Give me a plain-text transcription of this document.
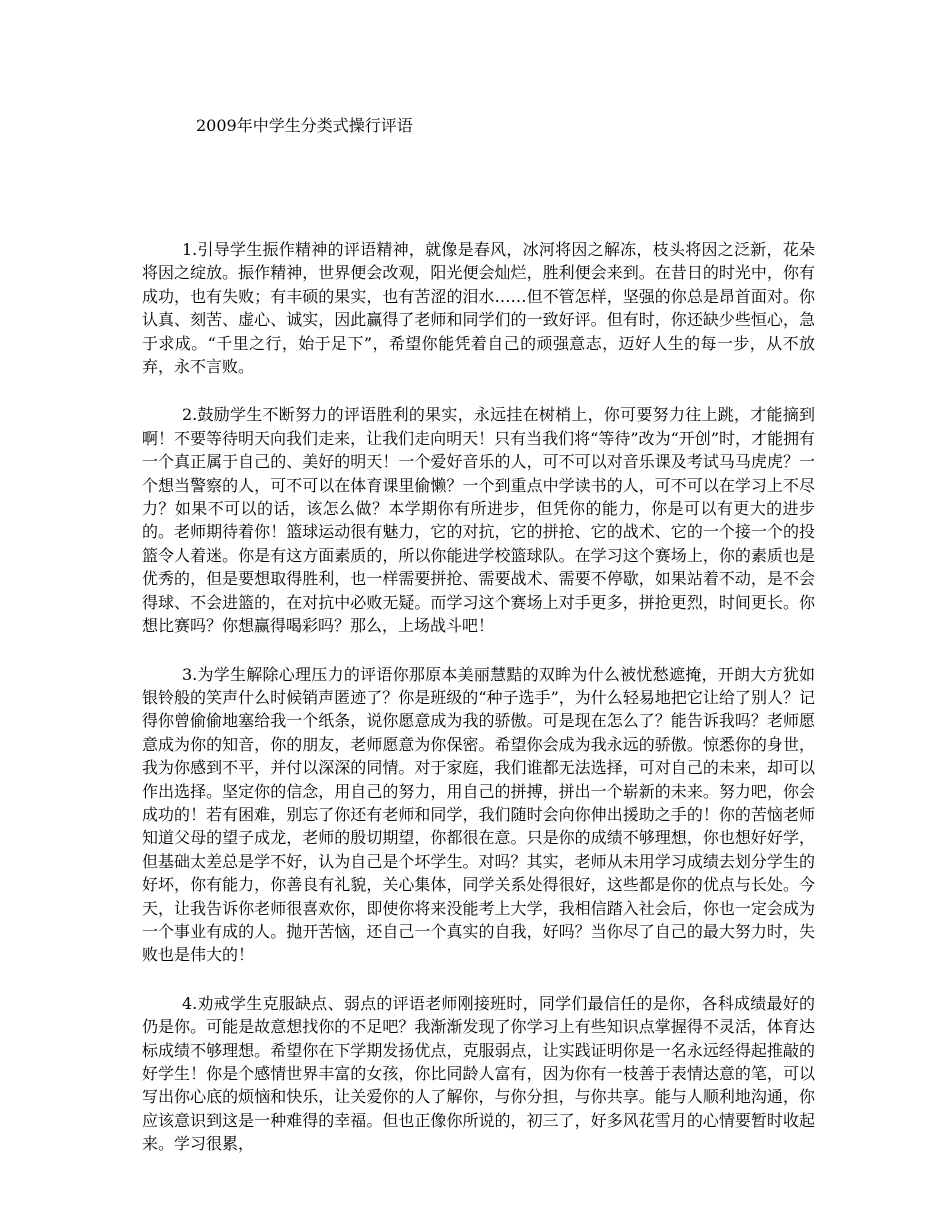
2009年中学生分类式操行评语

1.引导学生振作精神的评语精神，就像是春风，冰河将因之解冻，枝头将因之泛新，花朵将因之绽放。振作精神，世界便会改观，阳光便会灿烂，胜利便会来到。在昔日的时光中，你有成功，也有失败；有丰硕的果实，也有苦涩的泪水……但不管怎样，坚强的你总是昂首面对。你认真、刻苦、虚心、诚实，因此赢得了老师和同学们的一致好评。但有时，你还缺少些恒心，急于求成。“千里之行，始于足下”，希望你能凭着自己的顽强意志，迈好人生的每一步，从不放弃，永不言败。

2.鼓励学生不断努力的评语胜利的果实，永远挂在树梢上，你可要努力往上跳，才能摘到啊！不要等待明天向我们走来，让我们走向明天！只有当我们将“等待”改为“开创”时，才能拥有一个真正属于自己的、美好的明天！一个爱好音乐的人，可不可以对音乐课及考试马马虎虎？一个想当警察的人，可不可以在体育课里偷懒？一个到重点中学读书的人，可不可以在学习上不尽力？如果不可以的话，该怎么做？本学期你有所进步，但凭你的能力，你是可以有更大的进步的。老师期待着你！篮球运动很有魅力，它的对抗，它的拼抢、它的战术、它的一个接一个的投篮令人着迷。你是有这方面素质的，所以你能进学校篮球队。在学习这个赛场上，你的素质也是优秀的，但是要想取得胜利，也一样需要拼抢、需要战术、需要不停歇，如果站着不动，是不会得球、不会进篮的，在对抗中必败无疑。而学习这个赛场上对手更多，拼抢更烈，时间更长。你想比赛吗？你想赢得喝彩吗？那么，上场战斗吧！

3.为学生解除心理压力的评语你那原本美丽慧黠的双眸为什么被忧愁遮掩，开朗大方犹如银铃般的笑声什么时候销声匿迹了？你是班级的“种子选手”，为什么轻易地把它让给了别人？记得你曾偷偷地塞给我一个纸条，说你愿意成为我的骄傲。可是现在怎么了？能告诉我吗？老师愿意成为你的知音，你的朋友，老师愿意为你保密。希望你会成为我永远的骄傲。惊悉你的身世，我为你感到不平，并付以深深的同情。对于家庭，我们谁都无法选择，可对自己的未来，却可以作出选择。坚定你的信念，用自己的努力，用自己的拼搏，拼出一个崭新的未来。努力吧，你会成功的！若有困难，别忘了你还有老师和同学，我们随时会向你伸出援助之手的！你的苦恼老师知道父母的望子成龙，老师的殷切期望，你都很在意。只是你的成绩不够理想，你也想好好学，但基础太差总是学不好，认为自己是个坏学生。对吗？其实，老师从未用学习成绩去划分学生的好坏，你有能力，你善良有礼貌，关心集体，同学关系处得很好，这些都是你的优点与长处。今天，让我告诉你老师很喜欢你，即使你将来没能考上大学，我相信踏入社会后，你也一定会成为一个事业有成的人。抛开苦恼，还自己一个真实的自我，好吗？当你尽了自己的最大努力时，失败也是伟大的！

4.劝戒学生克服缺点、弱点的评语老师刚接班时，同学们最信任的是你，各科成绩最好的仍是你。可能是故意想找你的不足吧？我渐渐发现了你学习上有些知识点掌握得不灵活，体育达标成绩不够理想。希望你在下学期发扬优点，克服弱点，让实践证明你是一名永远经得起推敲的好学生！你是个感情世界丰富的女孩，你比同龄人富有，因为你有一枝善于表情达意的笔，可以写出你心底的烦恼和快乐，让关爱你的人了解你，与你分担，与你共享。能与人顺利地沟通，你应该意识到这是一种难得的幸福。但也正像你所说的，初三了，好多风花雪月的心情要暂时收起来。学习很累，
